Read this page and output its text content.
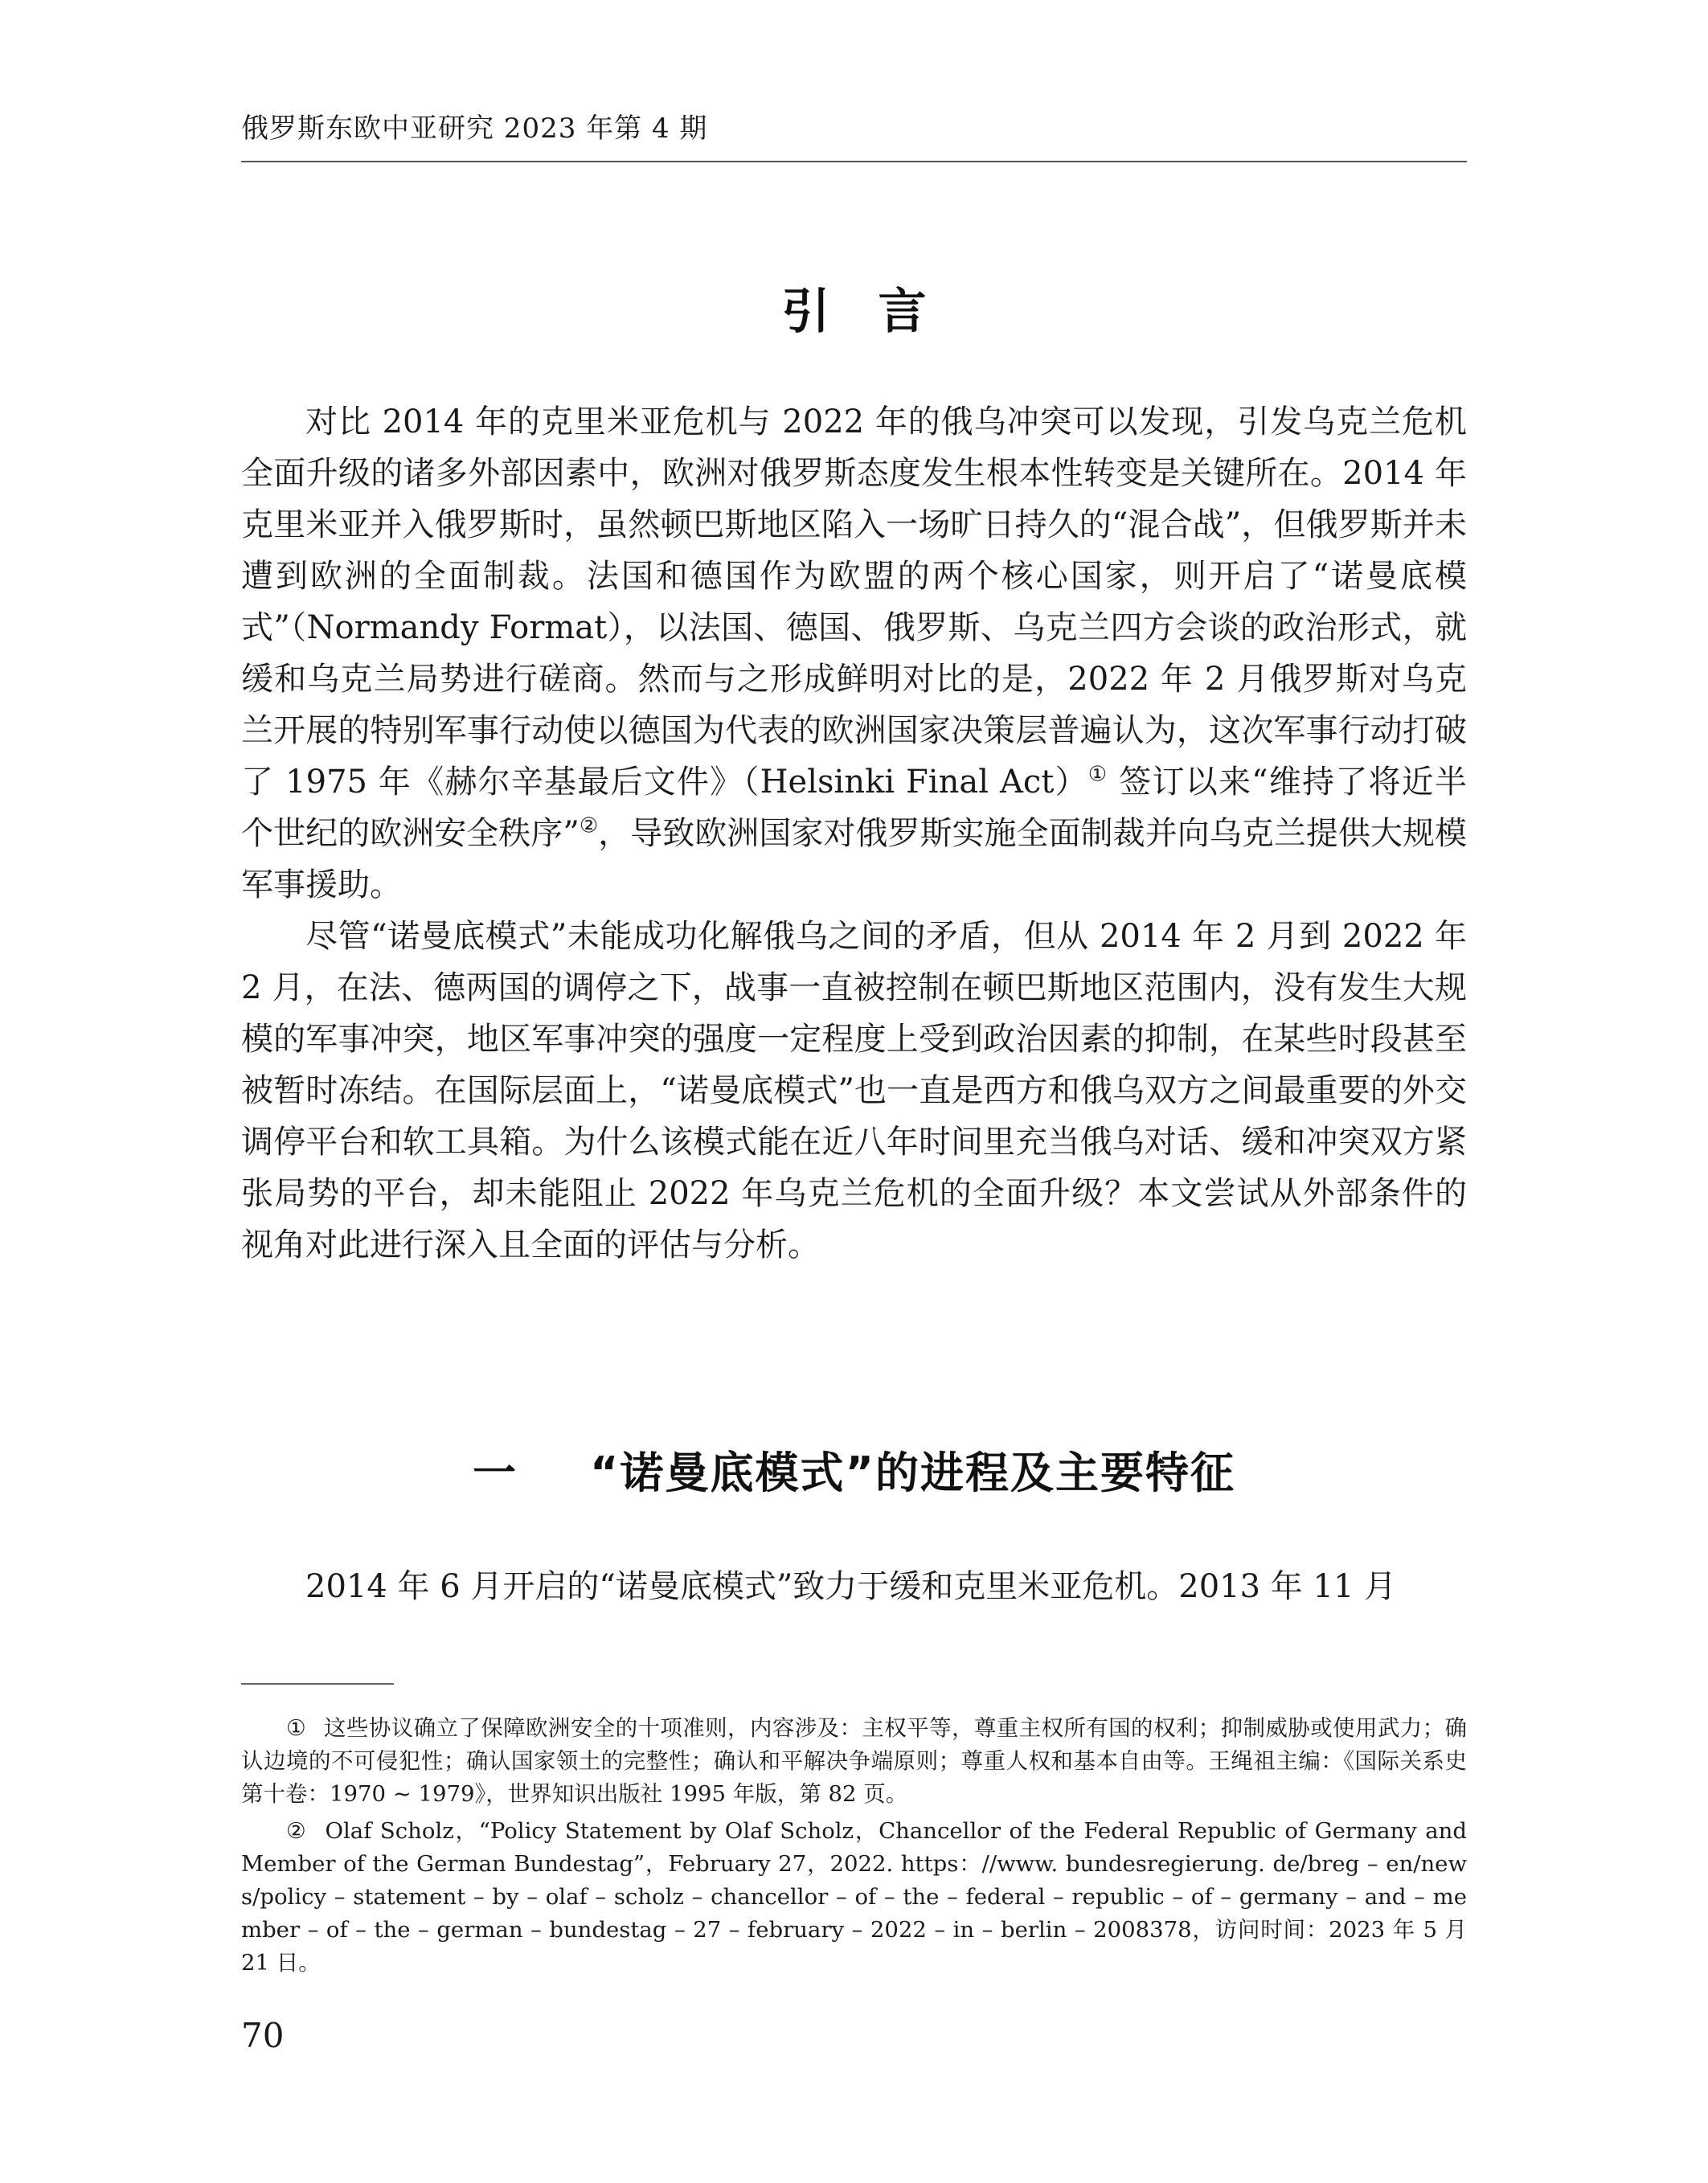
俄罗斯东欧中亚研究 2023 年第 4 期
引言

对比 2014 年的克里米亚危机与 2022 年的俄乌冲突可以发现，引发乌克兰危机全面升级的诸多外部因素中，欧洲对俄罗斯态度发生根本性转变是关键所在。2014 年克里米亚并入俄罗斯时，虽然顿巴斯地区陷入一场旷日持久的“混合战”，但俄罗斯并未遭到欧洲的全面制裁。法国和德国作为欧盟的两个核心国家，则开启了“诺曼底模式”（Normandy Format），以法国、德国、俄罗斯、乌克兰四方会谈的政治形式，就缓和乌克兰局势进行磋商。然而与之形成鲜明对比的是，2022 年 2 月俄罗斯对乌克兰开展的特别军事行动使以德国为代表的欧洲国家决策层普遍认为，这次军事行动打破了 1975 年《赫尔辛基最后文件》（Helsinki Final Act）① 签订以来“维持了将近半个世纪的欧洲安全秩序”②，导致欧洲国家对俄罗斯实施全面制裁并向乌克兰提供大规模军事援助。

尽管“诺曼底模式”未能成功化解俄乌之间的矛盾，但从 2014 年 2 月到 2022 年 2 月，在法、德两国的调停之下，战事一直被控制在顿巴斯地区范围内，没有发生大规模的军事冲突，地区军事冲突的强度一定程度上受到政治因素的抑制，在某些时段甚至被暂时冻结。在国际层面上，“诺曼底模式”也一直是西方和俄乌双方之间最重要的外交调停平台和软工具箱。为什么该模式能在近八年时间里充当俄乌对话、缓和冲突双方紧张局势的平台，却未能阻止 2022 年乌克兰危机的全面升级？本文尝试从外部条件的视角对此进行深入且全面的评估与分析。

一 “诺曼底模式”的进程及主要特征

2014 年 6 月开启的“诺曼底模式”致力于缓和克里米亚危机。2013 年 11 月

① 这些协议确立了保障欧洲安全的十项准则，内容涉及：主权平等，尊重主权所有国的权利；抑制威胁或使用武力；确认边境的不可侵犯性；确认国家领土的完整性；确认和平解决争端原则；尊重人权和基本自由等。王绳祖主编：《国际关系史第十卷：1970 ~ 1979》，世界知识出版社 1995 年版，第 82 页。

② Olaf Scholz，“Policy Statement by Olaf Scholz，Chancellor of the Federal Republic of Germany and Member of the German Bundestag”，February 27，2022. https：//www. bundesregierung. de/breg – en/news/policy – statement – by – olaf – scholz – chancellor – of – the – federal – republic – of – germany – and – member – of – the – german – bundestag – 27 – february – 2022 – in – berlin – 2008378，访问时间：2023 年 5 月 21 日。

70
